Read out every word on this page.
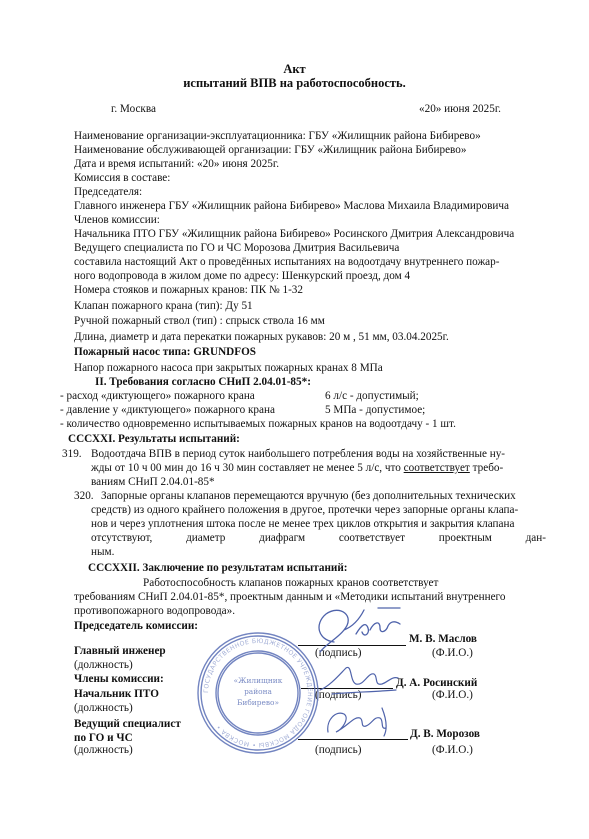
Акт
испытаний ВПВ на работоспособность.
г. Москва	«20» июня 2025г.
Наименование организации-эксплуатационника: ГБУ «Жилищник района Бибирево»
Наименование обслуживающей организации: ГБУ «Жилищник района Бибирево»
Дата и время испытаний: «20» июня 2025г.
Комиссия в составе:
Председателя:
Главного инженера ГБУ «Жилищник района Бибирево» Маслова Михаила Владимировича
Членов комиссии:
Начальника ПТО ГБУ «Жилищник района Бибирево» Росинского Дмитрия Александровича
Ведущего специалиста по ГО и ЧС Морозова Дмитрия Васильевича
составила настоящий Акт о проведённых испытаниях на водоотдачу внутреннего пожар-
ного водопровода в жилом доме по адресу: Шенкурский проезд, дом 4
Номера стояков и пожарных кранов: ПК № 1-32
Клапан пожарного крана (тип): Ду 51
Ручной пожарный ствол (тип) : спрыск ствола 16 мм
Длина, диаметр и дата перекатки пожарных рукавов: 20 м , 51 мм, 03.04.2025г.
Пожарный насос типа: GRUNDFOS
Напор пожарного насоса при закрытых пожарных кранах 8 МПа
II. Требования согласно СНиП 2.04.01-85*:
- расход «диктующего» пожарного крана	6 л/с - допустимый;
- давление у «диктующего» пожарного крана	5 МПа - допустимое;
- количество одновременно испытываемых пожарных кранов на водоотдачу - 1 шт.
СССХХI. Результаты испытаний:
319. Водоотдача ВПВ в период суток наибольшего потребления воды на хозяйственные ну-
жды от 10 ч 00 мин до 16 ч 30 мин составляет не менее 5 л/с, что соответствует требо-
ваниям СНиП 2.04.01-85*
320. Запорные органы клапанов перемещаются вручную (без дополнительных технических
средств) из одного крайнего положения в другое, протечки через запорные органы клапа-
нов и через уплотнения штока после не менее трех циклов открытия и закрытия клапана
отсутствуют,	диаметр	диафрагм	соответствует	проектным	дан-
ным.
СССХХII. Заключение по результатам испытаний:
Работоспособность клапанов пожарных кранов соответствует
требованиям СНиП 2.04.01-85*, проектным данным и «Методики испытаний внутреннего
противопожарного водопровода».
Председатель комиссии:
Главный инженер
М. В. Маслов
(должность)
(подпись)	(Ф.И.О.)
Члены комиссии:
Начальник ПТО
Д. А. Росинский
(должность)
(подпись)	(Ф.И.О.)
Ведущий специалист
по ГО и ЧС	Д. В. Морозов
(должность)	(подпись)	(Ф.И.О.)
ГОСУДАРСТВЕННОЕ БЮДЖЕТНОЕ УЧРЕЖДЕНИЕ ГОРОДА МОСКВЫ • МОСКВА •
«Жилищник
района
Бибирево»
